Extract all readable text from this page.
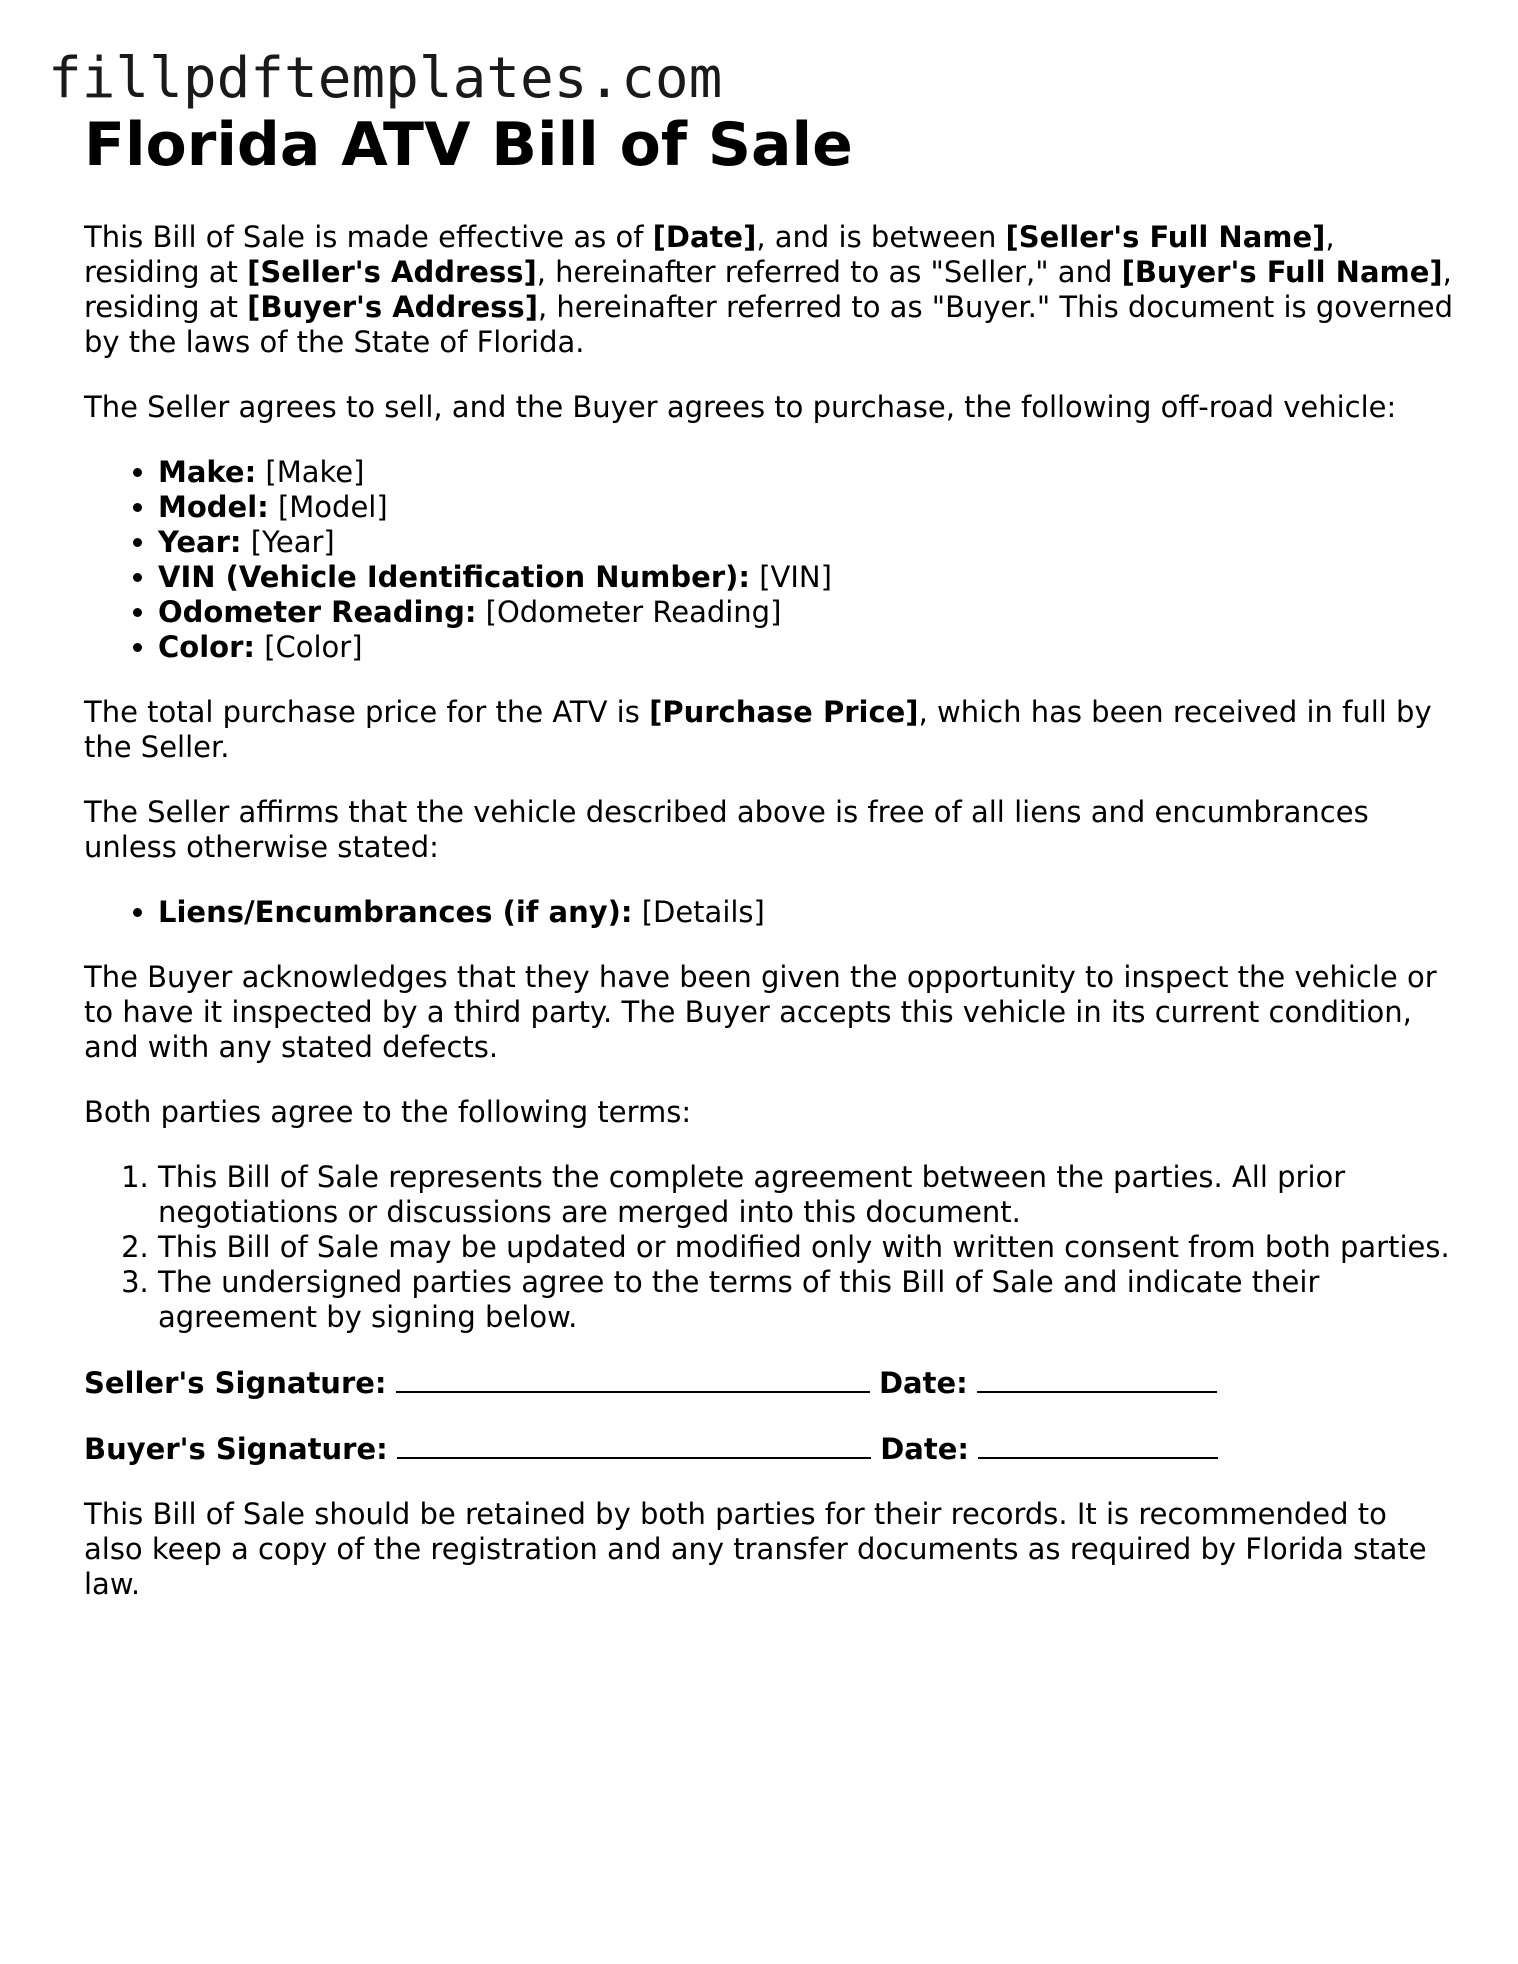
fillpdftemplates.com
Florida ATV Bill of Sale

This Bill of Sale is made effective as of [Date], and is between [Seller's Full Name], residing at [Seller's Address], hereinafter referred to as "Seller," and [Buyer's Full Name], residing at [Buyer's Address], hereinafter referred to as "Buyer." This document is governed by the laws of the State of Florida.

The Seller agrees to sell, and the Buyer agrees to purchase, the following off-road vehicle:

• Make: [Make]
• Model: [Model]
• Year: [Year]
• VIN (Vehicle Identification Number): [VIN]
• Odometer Reading: [Odometer Reading]
• Color: [Color]

The total purchase price for the ATV is [Purchase Price], which has been received in full by the Seller.

The Seller affirms that the vehicle described above is free of all liens and encumbrances unless otherwise stated:

• Liens/Encumbrances (if any): [Details]

The Buyer acknowledges that they have been given the opportunity to inspect the vehicle or to have it inspected by a third party. The Buyer accepts this vehicle in its current condition, and with any stated defects.

Both parties agree to the following terms:

1. This Bill of Sale represents the complete agreement between the parties. All prior negotiations or discussions are merged into this document.
2. This Bill of Sale may be updated or modified only with written consent from both parties.
3. The undersigned parties agree to the terms of this Bill of Sale and indicate their agreement by signing below.
Seller's Signature:	Date:
Buyer's Signature:	Date:

This Bill of Sale should be retained by both parties for their records. It is recommended to also keep a copy of the registration and any transfer documents as required by Florida state law.
